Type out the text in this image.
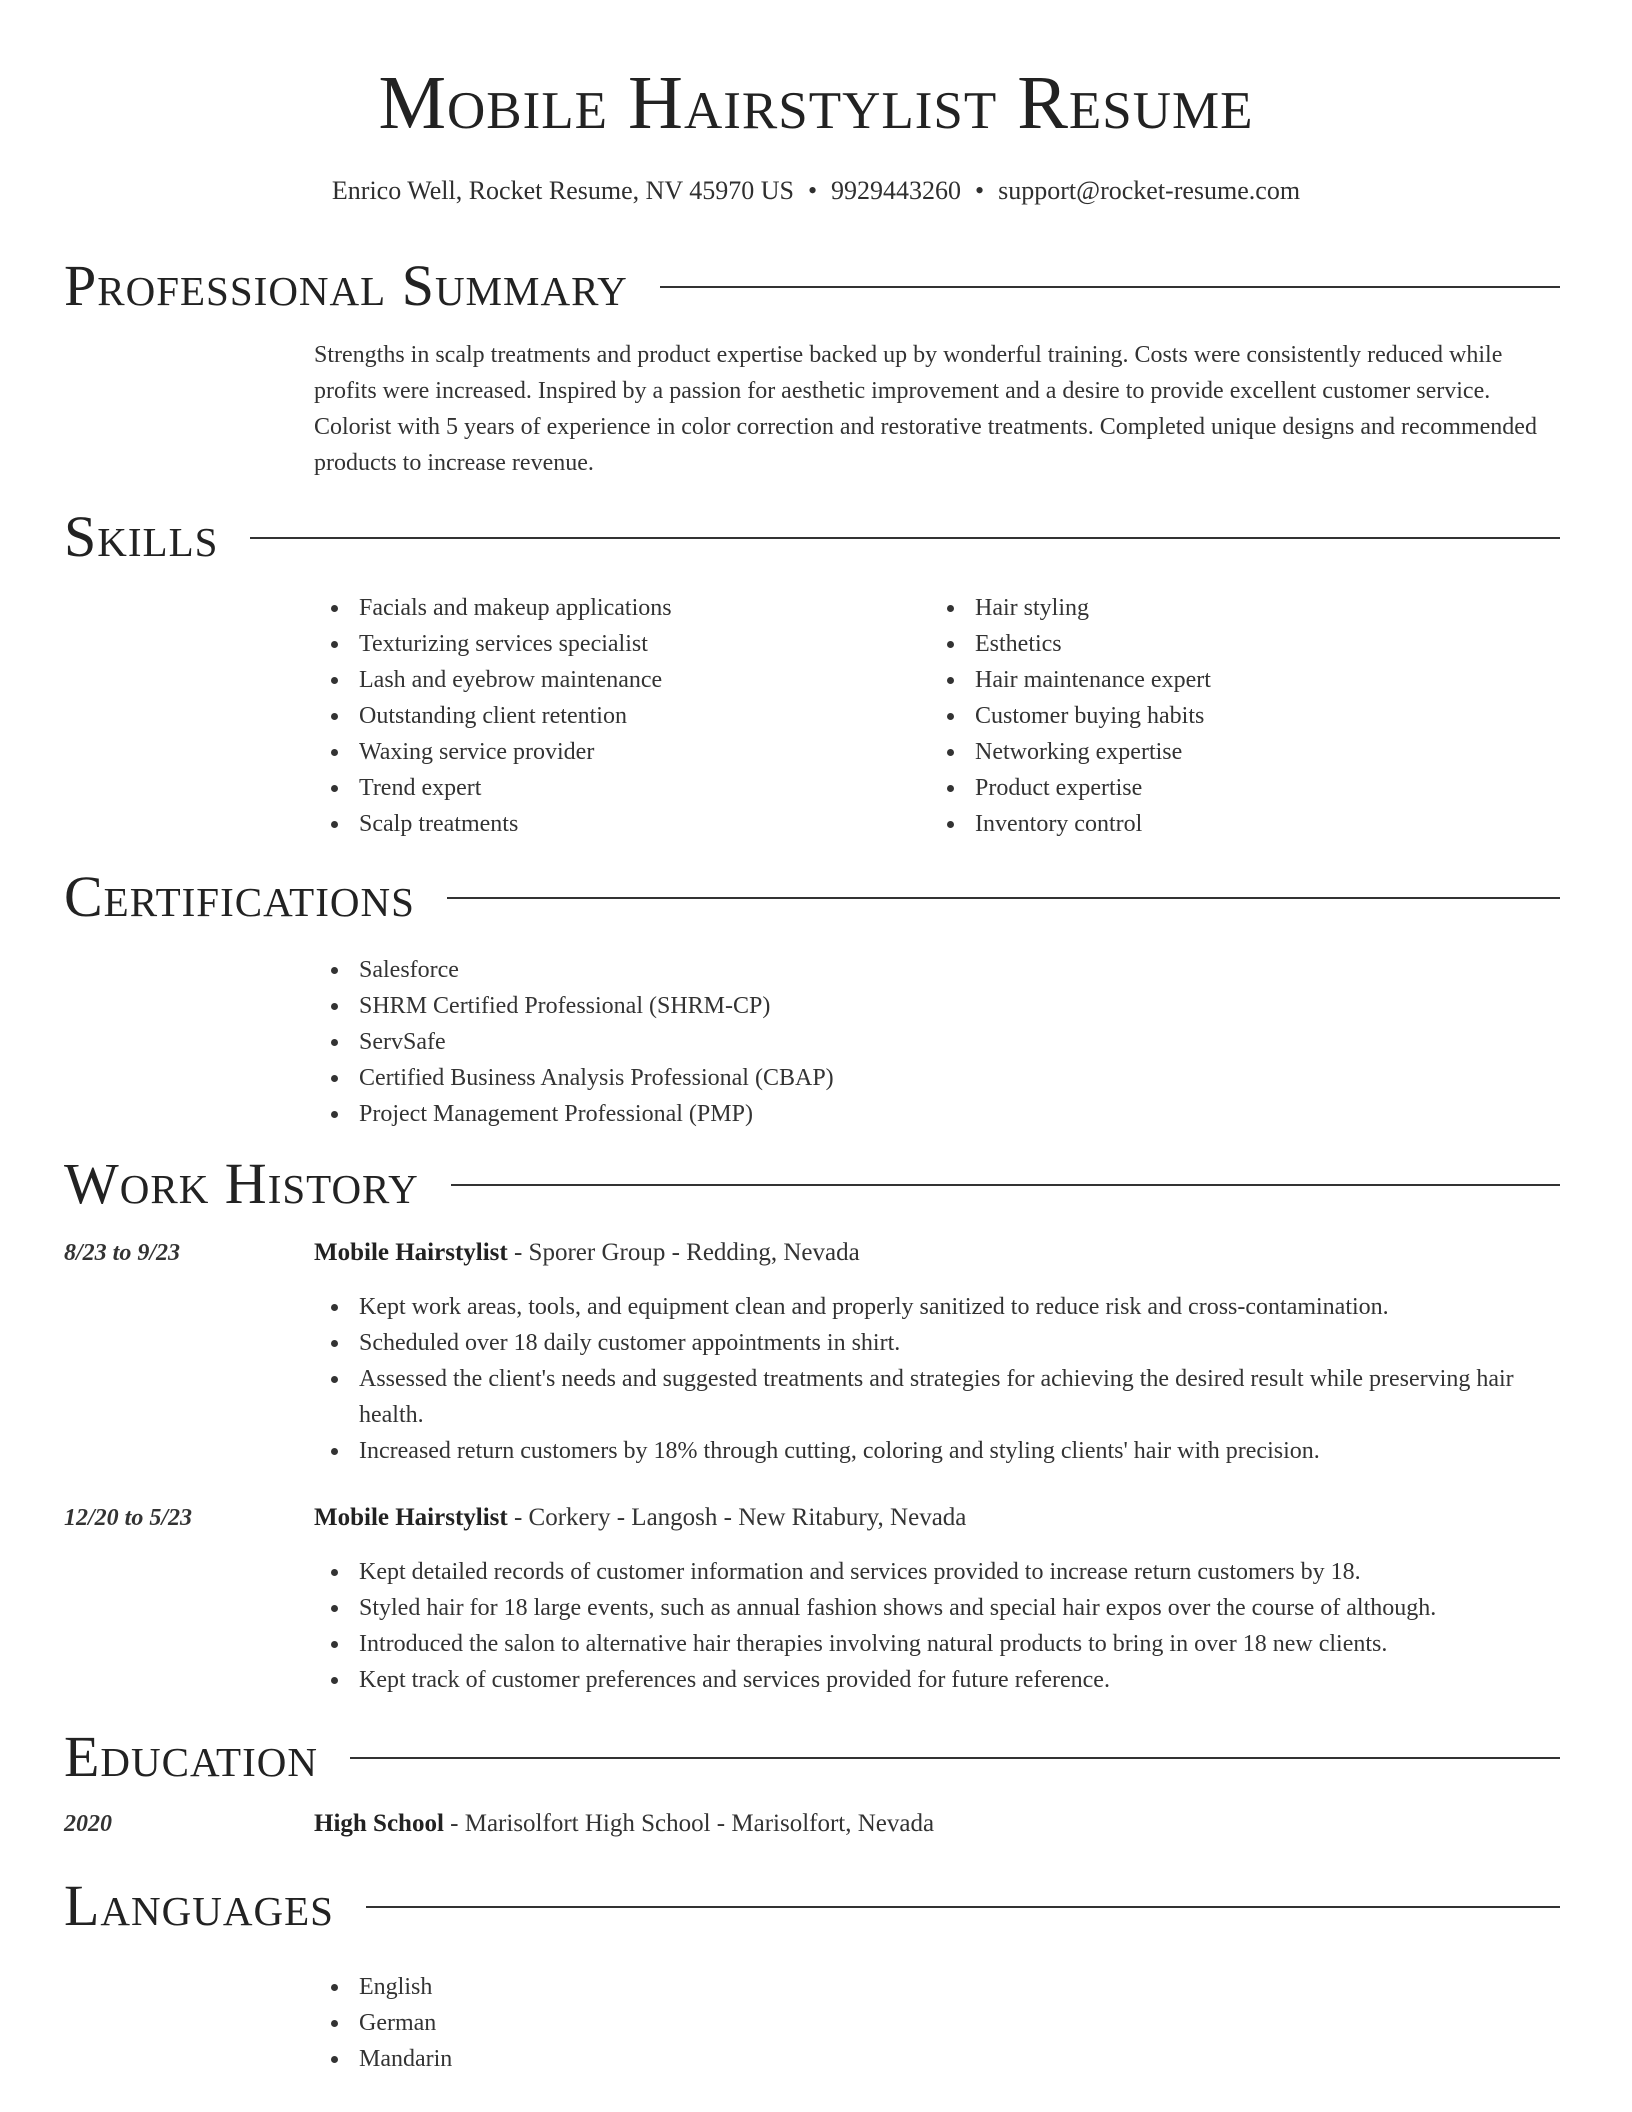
Mobile Hairstylist Resume
Enrico Well, Rocket Resume, NV 45970 US • 9929443260 • support@rocket-resume.com
Professional Summary

Strengths in scalp treatments and product expertise backed up by wonderful training. Costs were consistently reduced while profits were increased. Inspired by a passion for aesthetic improvement and a desire to provide excellent customer service. Colorist with 5 years of experience in color correction and restorative treatments. Completed unique designs and recommended products to increase revenue.

Skills
Facials and makeup applications
Texturizing services specialist
Lash and eyebrow maintenance
Outstanding client retention
Waxing service provider
Trend expert
Scalp treatments
Hair styling
Esthetics
Hair maintenance expert
Customer buying habits
Networking expertise
Product expertise
Inventory control
Certifications
Salesforce
SHRM Certified Professional (SHRM-CP)
ServSafe
Certified Business Analysis Professional (CBAP)
Project Management Professional (PMP)
Work History
8/23 to 9/23	Mobile Hairstylist - Sporer Group - Redding, Nevada
Kept work areas, tools, and equipment clean and properly sanitized to reduce risk and cross-contamination.
Scheduled over 18 daily customer appointments in shirt.
Assessed the client's needs and suggested treatments and strategies for achieving the desired result while preserving hair health.
Increased return customers by 18% through cutting, coloring and styling clients' hair with precision.
12/20 to 5/23	Mobile Hairstylist - Corkery - Langosh - New Ritabury, Nevada
Kept detailed records of customer information and services provided to increase return customers by 18.
Styled hair for 18 large events, such as annual fashion shows and special hair expos over the course of although.
Introduced the salon to alternative hair therapies involving natural products to bring in over 18 new clients.
Kept track of customer preferences and services provided for future reference.
Education
2020	High School - Marisolfort High School - Marisolfort, Nevada
Languages
English
German
Mandarin
